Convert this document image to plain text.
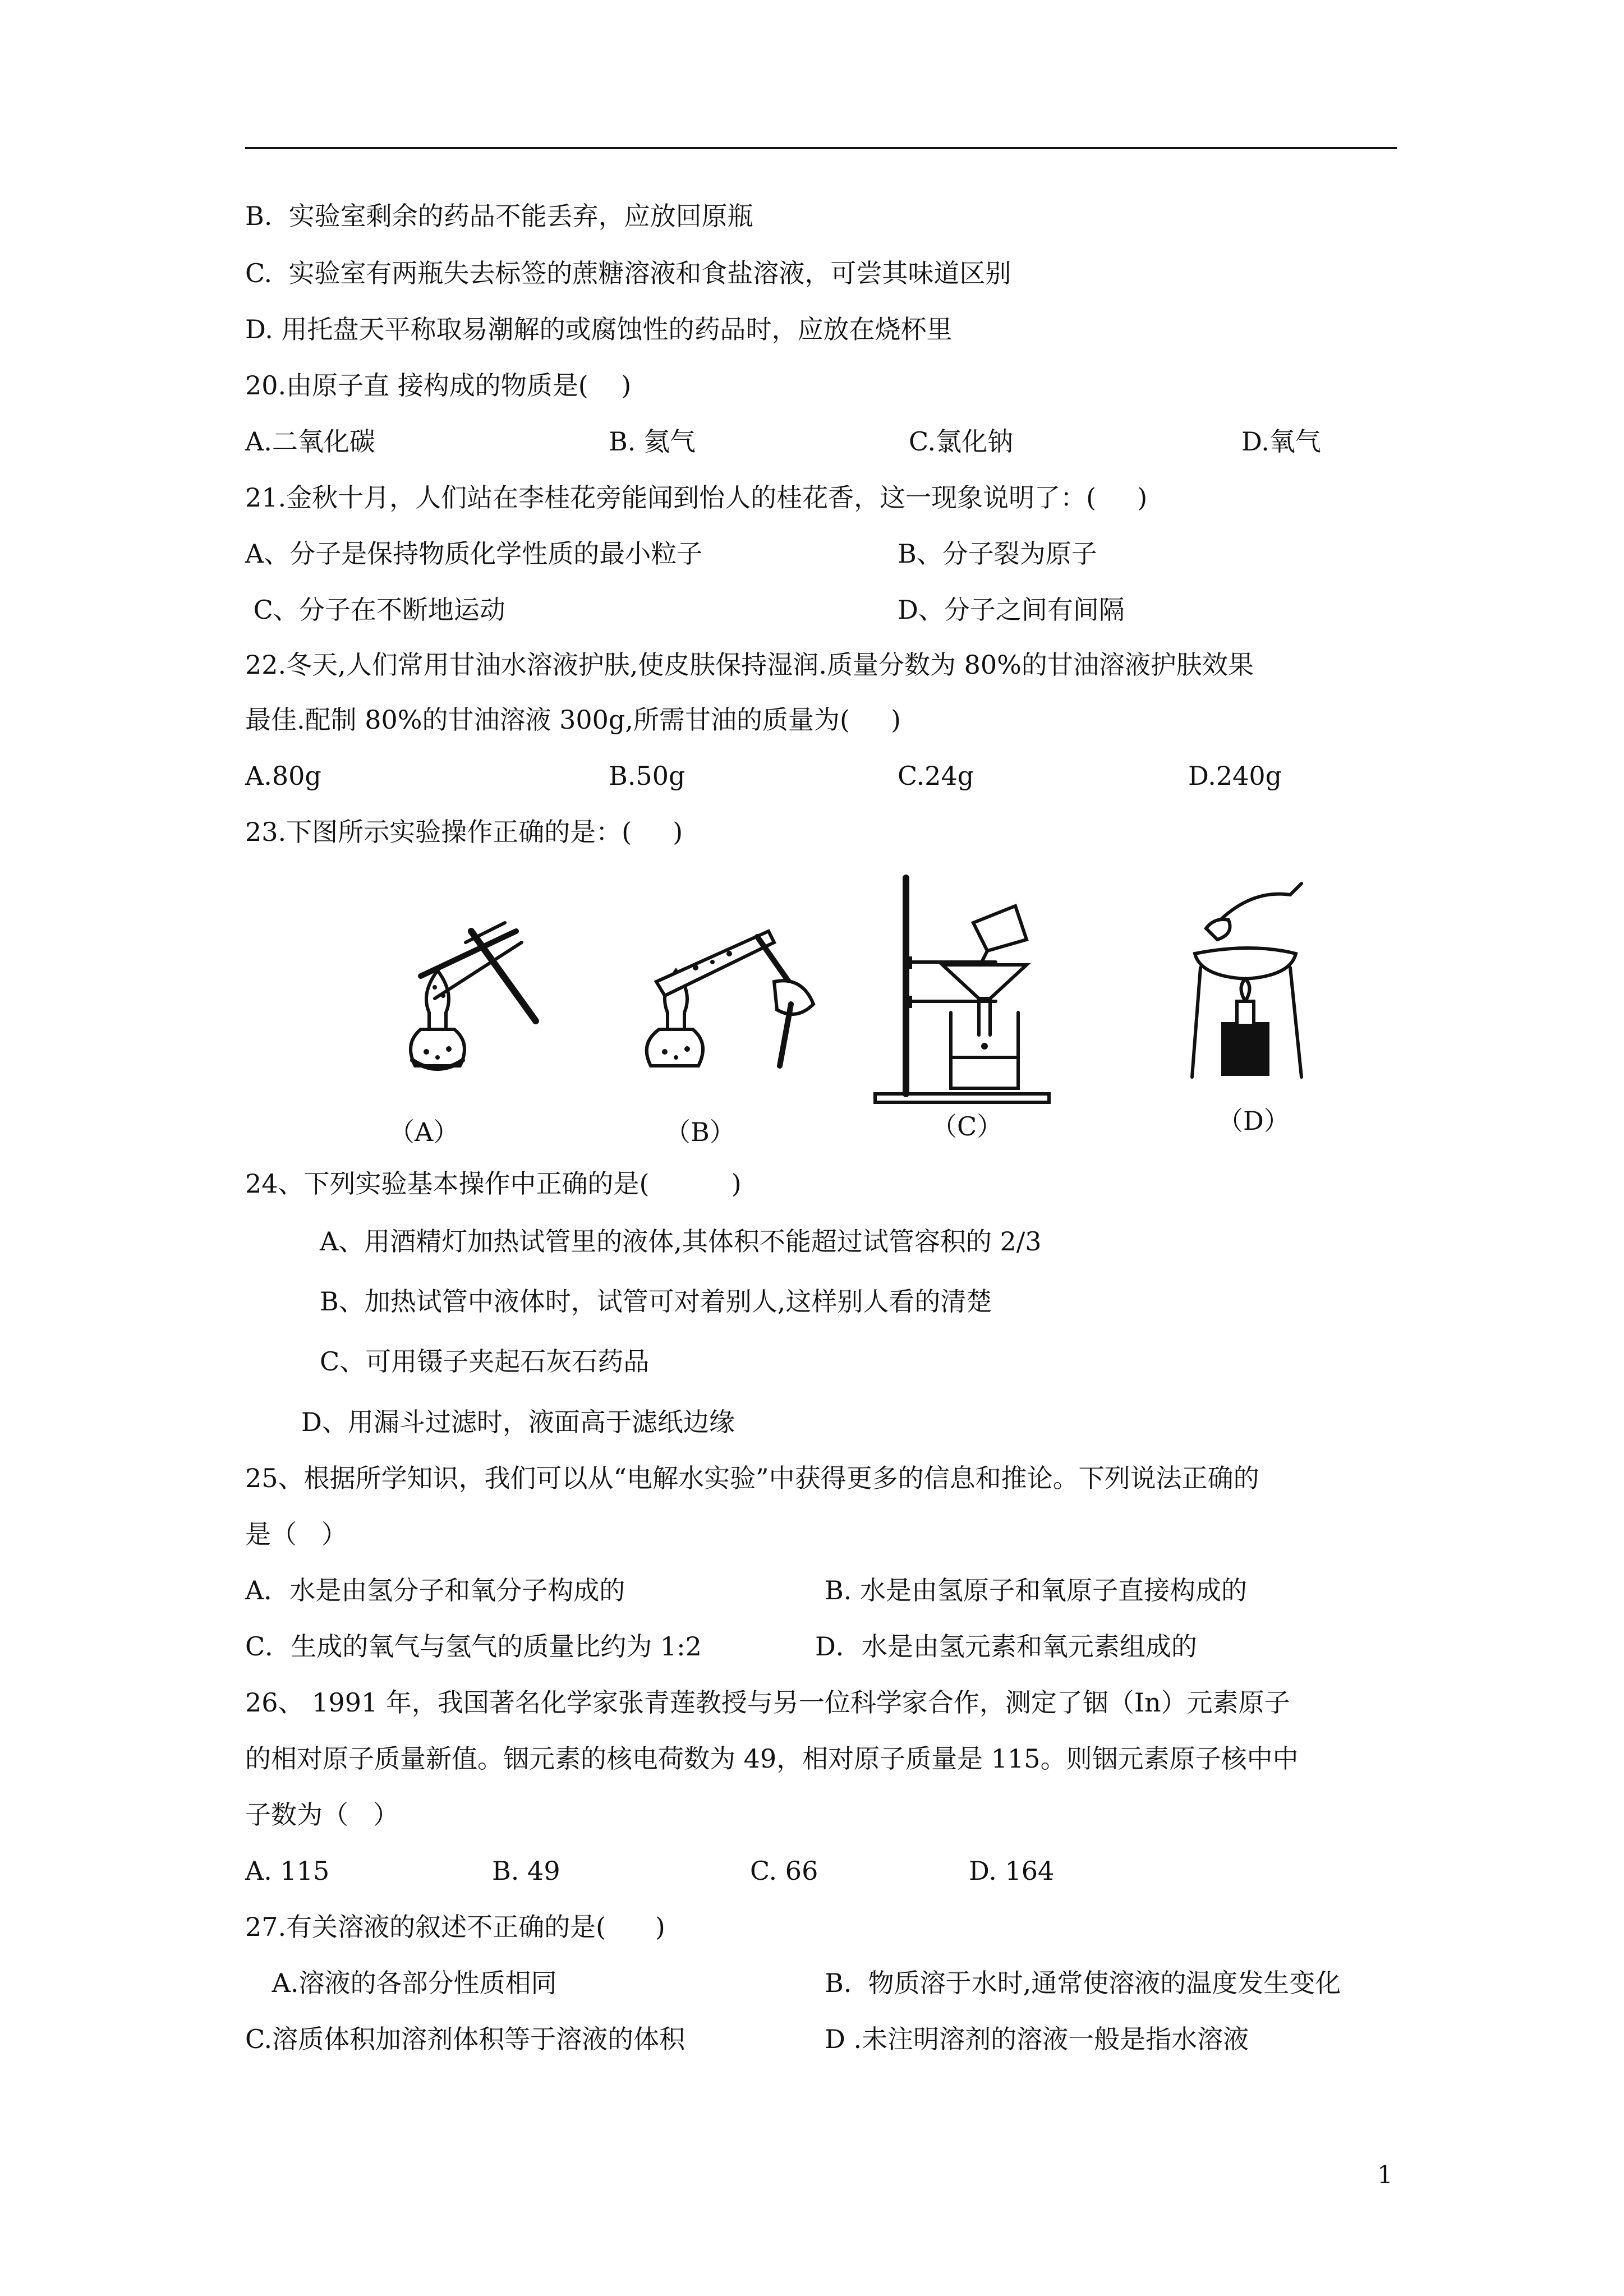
B.  实验室剩余的药品不能丢弃，应放回原瓶
C.  实验室有两瓶失去标签的蔗糖溶液和食盐溶液，可尝其味道区别
D. 用托盘天平称取易潮解的或腐蚀性的药品时，应放在烧杯里
20.由原子直 接构成的物质是(    )
A.二氧化碳	B. 氦气	C.氯化钠	D.氧气
21.金秋十月，人们站在李桂花旁能闻到怡人的桂花香，这一现象说明了：(     )
A、分子是保持物质化学性质的最小粒子	B、分子裂为原子
C、分子在不断地运动	D、分子之间有间隔
22.冬天,人们常用甘油水溶液护肤,使皮肤保持湿润.质量分数为 80%的甘油溶液护肤效果
最佳.配制 80%的甘油溶液 300g,所需甘油的质量为(     )
A.80g	B.50g	C.24g	D.240g
23.下图所示实验操作正确的是：(     )
（A）	（B）	（C）	（D）
24、下列实验基本操作中正确的是(          )
A、用酒精灯加热试管里的液体,其体积不能超过试管容积的 2/3
B、加热试管中液体时，试管可对着别人,这样别人看的清楚
C、可用镊子夹起石灰石药品
D、用漏斗过滤时，液面高于滤纸边缘
25、根据所学知识，我们可以从“电解水实验”中获得更多的信息和推论。下列说法正确的
是（   ）
A．水是由氢分子和氧分子构成的	B. 水是由氢原子和氧原子直接构成的
C．生成的氧气与氢气的质量比约为 1:2	D．水是由氢元素和氧元素组成的
26、 1991 年，我国著名化学家张青莲教授与另一位科学家合作，测定了铟（In）元素原子
的相对原子质量新值。铟元素的核电荷数为 49，相对原子质量是 115。则铟元素原子核中中
子数为（   ）
A. 115	B. 49	C. 66	D. 164
27.有关溶液的叙述不正确的是(      )
A.溶液的各部分性质相同	B.  物质溶于水时,通常使溶液的温度发生变化
C.溶质体积加溶剂体积等于溶液的体积	D .未注明溶剂的溶液一般是指水溶液
1
